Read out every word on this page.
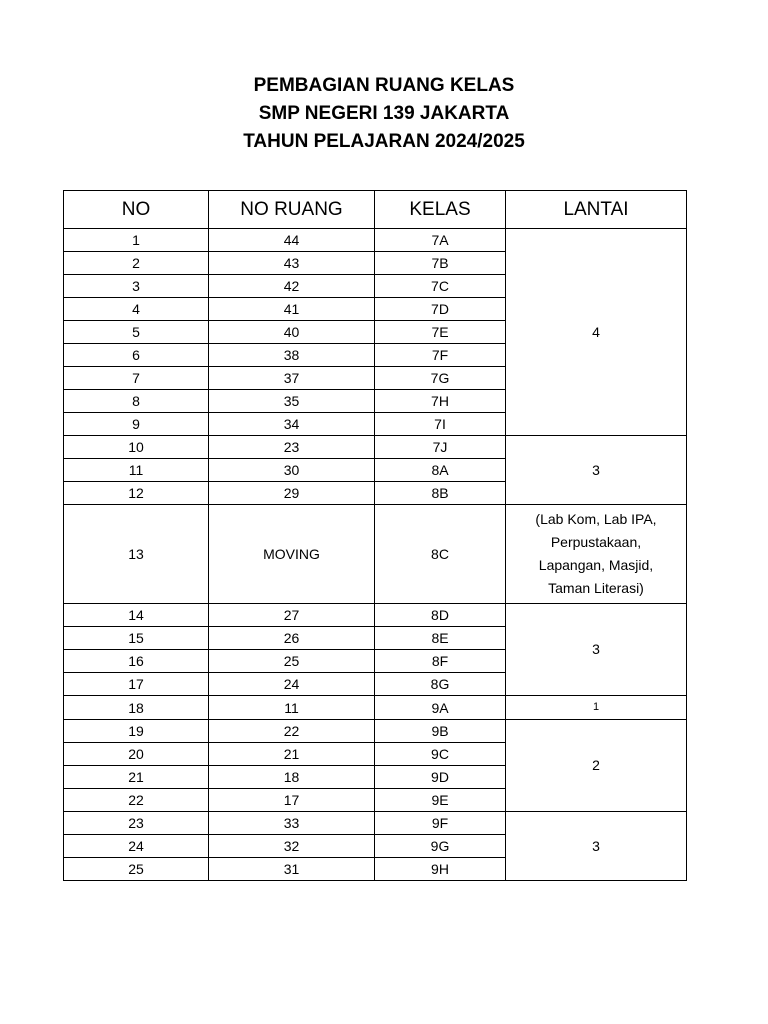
PEMBAGIAN RUANG KELAS
SMP NEGERI 139 JAKARTA
TAHUN PELAJARAN 2024/2025
NO	NO RUANG	KELAS	LANTAI
1	44	7A	4
2	43	7B	
3	42	7C	
4	41	7D	
5	40	7E	
6	38	7F	
7	37	7G	
8	35	7H	
9	34	7I	
10	23	7J	3
11	30	8A	
12	29	8B	
13	MOVING	8C	(Lab Kom, Lab IPA,
Perpustakaan,
Lapangan, Masjid,
Taman Literasi)

14	27	8D	3
15	26	8E	
16	25	8F	
17	24	8G	
18	11	9A	1
19	22	9B	2
20	21	9C	
21	18	9D	
22	17	9E	
23	33	9F	3
24	32	9G	
25	31	9H	
